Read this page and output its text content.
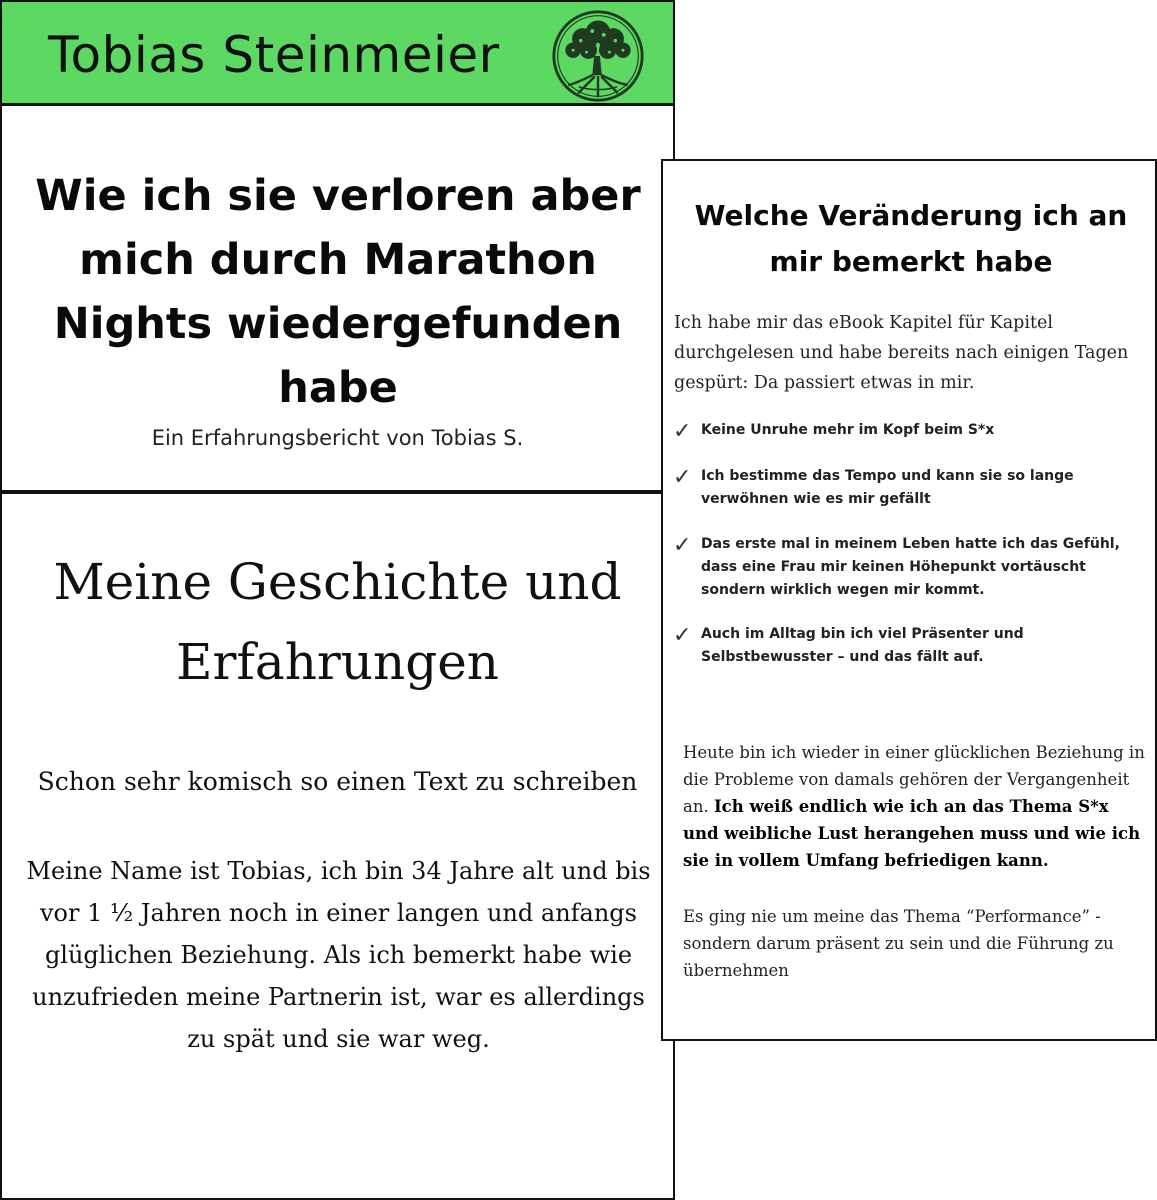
Tobias Steinmeier
Wie ich sie verloren aber mich durch Marathon Nights wiedergefunden habe
Ein Erfahrungsbericht von Tobias S.
Meine Geschichte und Erfahrungen
Schon sehr komisch so einen Text zu schreiben
Meine Name ist Tobias, ich bin 34 Jahre alt und bis vor 1 ½ Jahren noch in einer langen und anfangs glüglichen Beziehung. Als ich bemerkt habe wie unzufrieden meine Partnerin ist, war es allerdings zu spät und sie war weg.
Welche Veränderung ich an mir bemerkt habe
Ich habe mir das eBook Kapitel für Kapitel durchgelesen und habe bereits nach einigen Tagen gespürt: Da passiert etwas in mir.
✓ Keine Unruhe mehr im Kopf beim S*x
✓ Ich bestimme das Tempo und kann sie so lange verwöhnen wie es mir gefällt
✓ Das erste mal in meinem Leben hatte ich das Gefühl, dass eine Frau mir keinen Höhepunkt vortäuscht sondern wirklich wegen mir kommt.
✓ Auch im Alltag bin ich viel Präsenter und Selbstbewusster – und das fällt auf.
Heute bin ich wieder in einer glücklichen Beziehung in die Probleme von damals gehören der Vergangenheit an. Ich weiß endlich wie ich an das Thema S*x und weibliche Lust herangehen muss und wie ich sie in vollem Umfang befriedigen kann.
Es ging nie um meine das Thema “Performance” - sondern darum präsent zu sein und die Führung zu übernehmen
